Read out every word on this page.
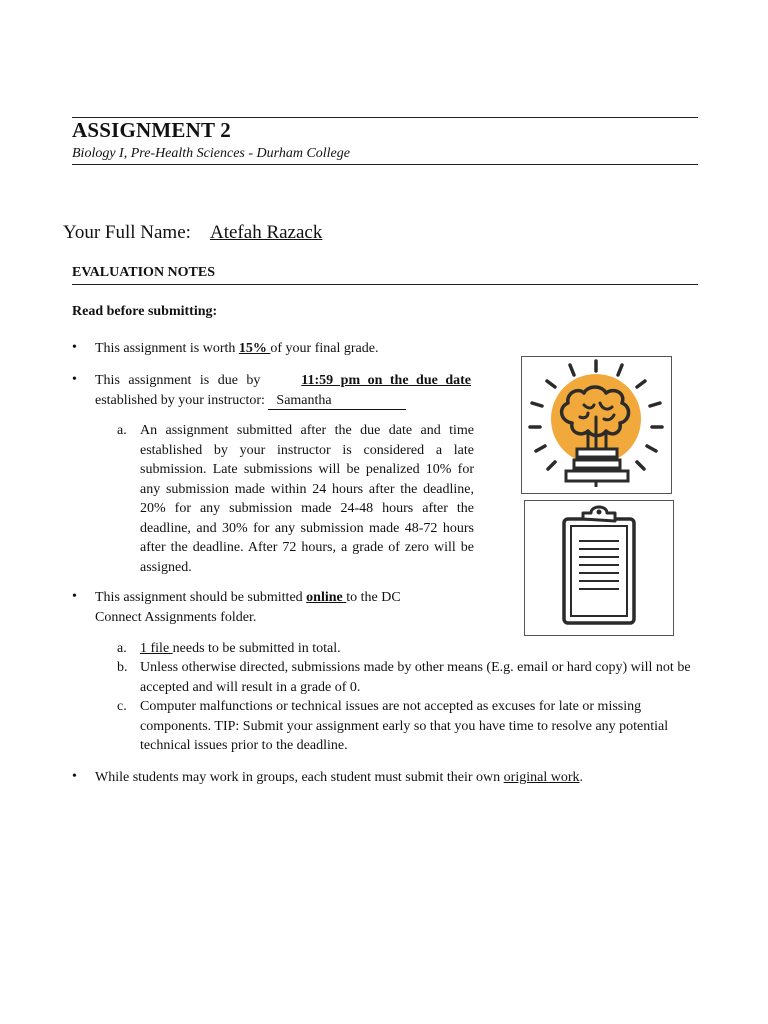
ASSIGNMENT 2
Biology I, Pre-Health Sciences - Durham College
Your Full Name: Atefah Razack
EVALUATION NOTES
Read before submitting:
• This assignment is worth 15% of your final grade.
• This assignment is due by	11:59 pm on the due date
established by your instructor: Samantha
a. An assignment submitted after the due date and time established by your instructor is considered a late submission. Late submissions will be penalized 10% for any submission made within 24 hours after the deadline, 20% for any submission made 24-48 hours after the deadline, and 30% for any submission made 48-72 hours after the deadline. After 72 hours, a grade of zero will be assigned.
• This assignment should be submitted online to the DC
Connect Assignments folder.
a. 1 file needs to be submitted in total.
b. Unless otherwise directed, submissions made by other means (E.g. email or hard copy) will not be accepted and will result in a grade of 0.
c. Computer malfunctions or technical issues are not accepted as excuses for late or missing components. TIP: Submit your assignment early so that you have time to resolve any potential technical issues prior to the deadline.
• While students may work in groups, each student must submit their own original work.
